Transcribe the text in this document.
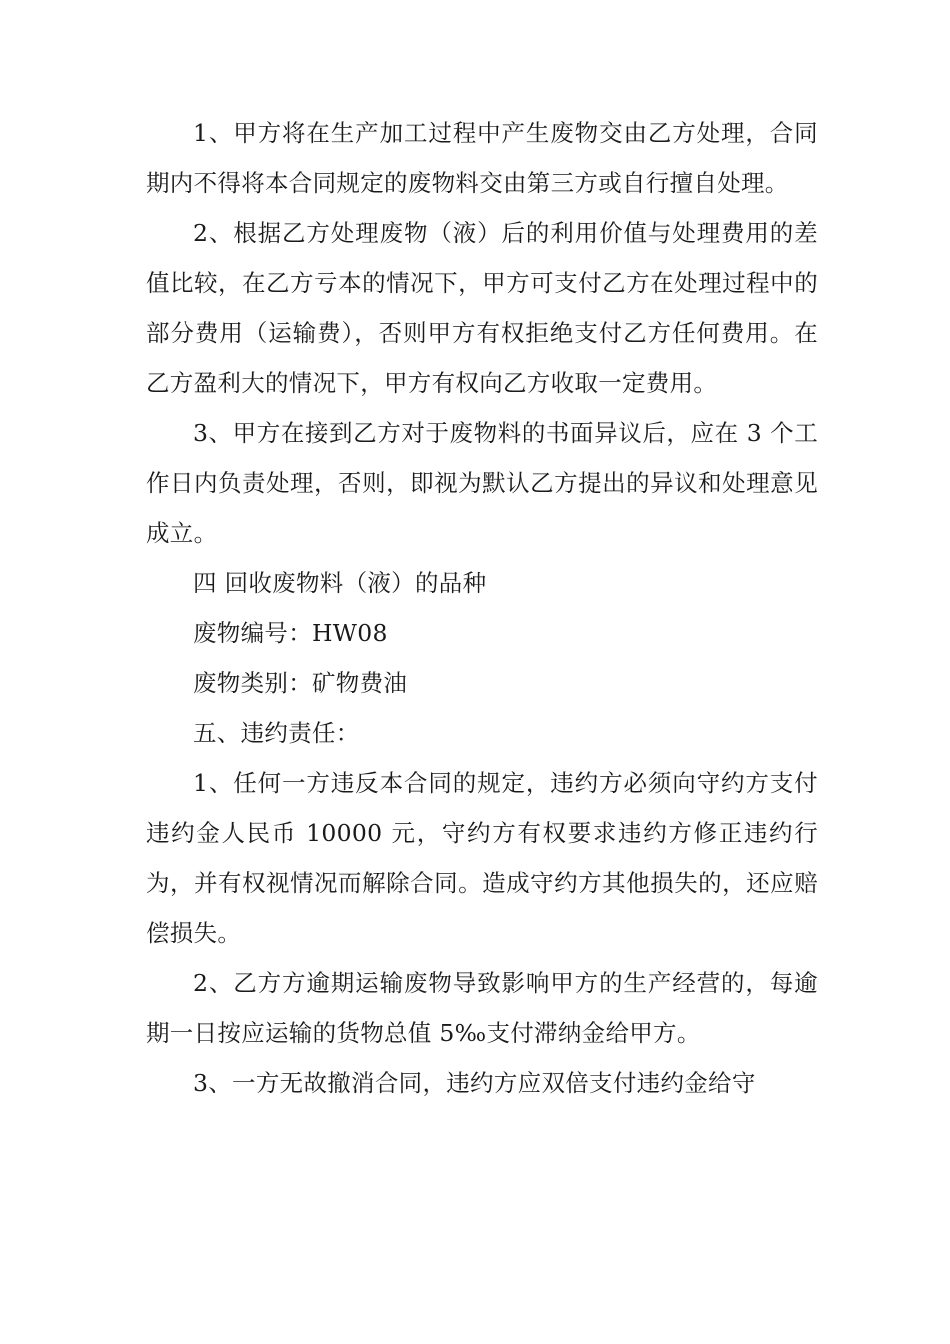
1、甲方将在生产加工过程中产生废物交由乙方处理，合同期内不得将本合同规定的废物料交由第三方或自行擅自处理。

2、根据乙方处理废物（液）后的利用价值与处理费用的差值比较，在乙方亏本的情况下，甲方可支付乙方在处理过程中的部分费用（运输费），否则甲方有权拒绝支付乙方任何费用。在乙方盈利大的情况下，甲方有权向乙方收取一定费用。

3、甲方在接到乙方对于废物料的书面异议后，应在 3 个工作日内负责处理，否则，即视为默认乙方提出的异议和处理意见成立。

四 回收废物料（液）的品种

废物编号：HW08

废物类别：矿物费油

五、违约责任：

1、任何一方违反本合同的规定，违约方必须向守约方支付违约金人民币 10000 元，守约方有权要求违约方修正违约行为，并有权视情况而解除合同。造成守约方其他损失的，还应赔偿损失。

2、乙方方逾期运输废物导致影响甲方的生产经营的，每逾期一日按应运输的货物总值 5‰支付滞纳金给甲方。

3、一方无故撤消合同，违约方应双倍支付违约金给守
